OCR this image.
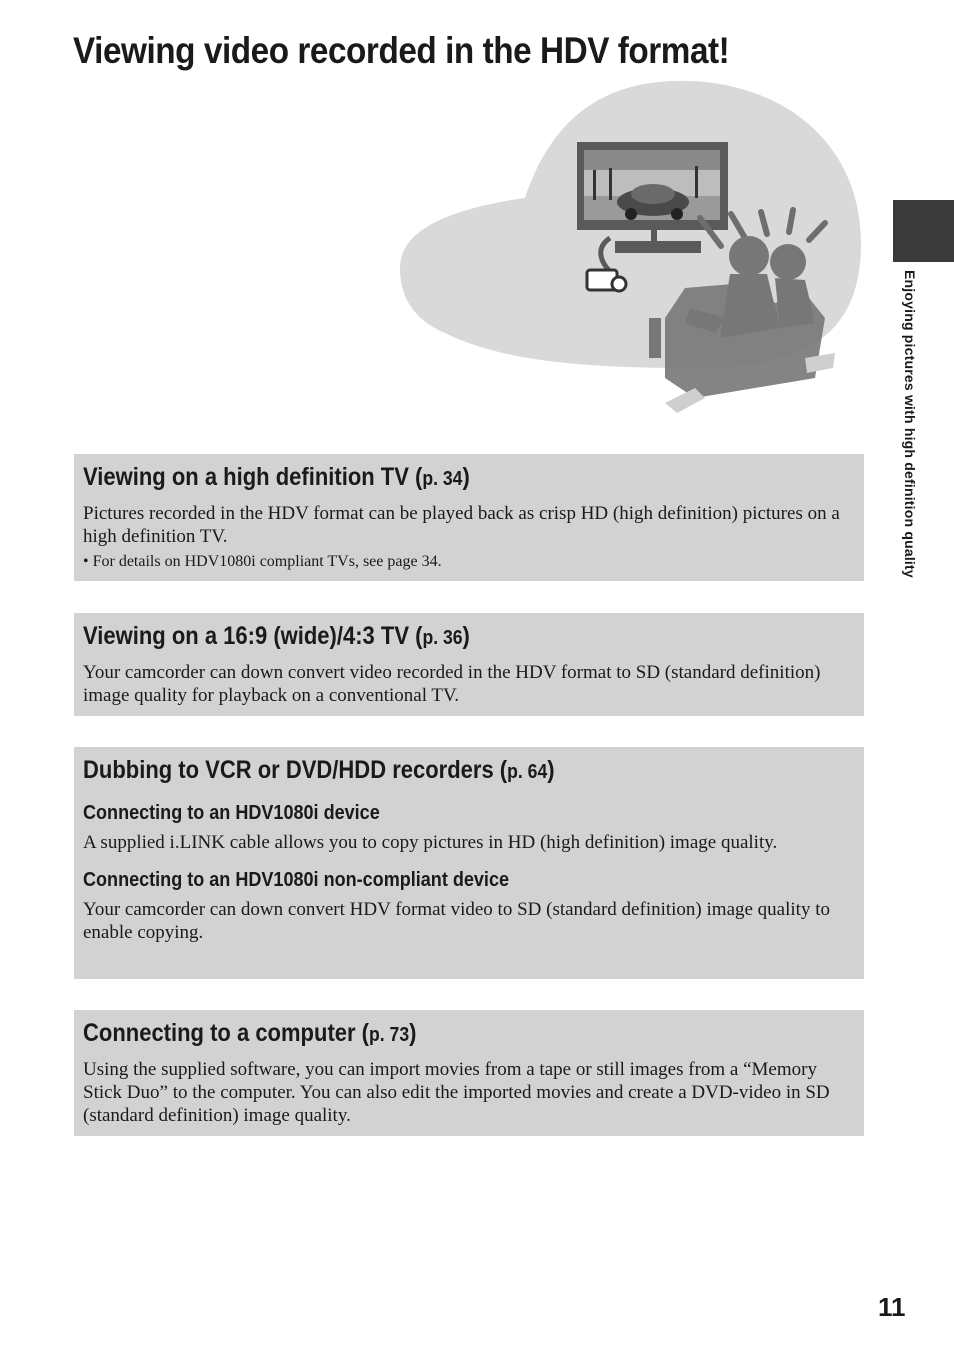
Viewing video recorded in the HDV format!
Enjoying pictures with high definition quality
Viewing on a high definition TV (p. 34)

Pictures recorded in the HDV format can be played back as crisp HD (high definition) pictures on a high definition TV.

• For details on HDV1080i compliant TVs, see page 34.

Viewing on a 16:9 (wide)/4:3 TV (p. 36)

Your camcorder can down convert video recorded in the HDV format to SD (standard definition) image quality for playback on a conventional TV.

Dubbing to VCR or DVD/HDD recorders (p. 64)
Connecting to an HDV1080i device

A supplied i.LINK cable allows you to copy pictures in HD (high definition) image quality.

Connecting to an HDV1080i non-compliant device

Your camcorder can down convert HDV format video to SD (standard definition) image quality to enable copying.

Connecting to a computer (p. 73)

Using the supplied software, you can import movies from a tape or still images from a “Memory Stick Duo” to the computer. You can also edit the imported movies and create a DVD-video in SD (standard definition) image quality.

11
